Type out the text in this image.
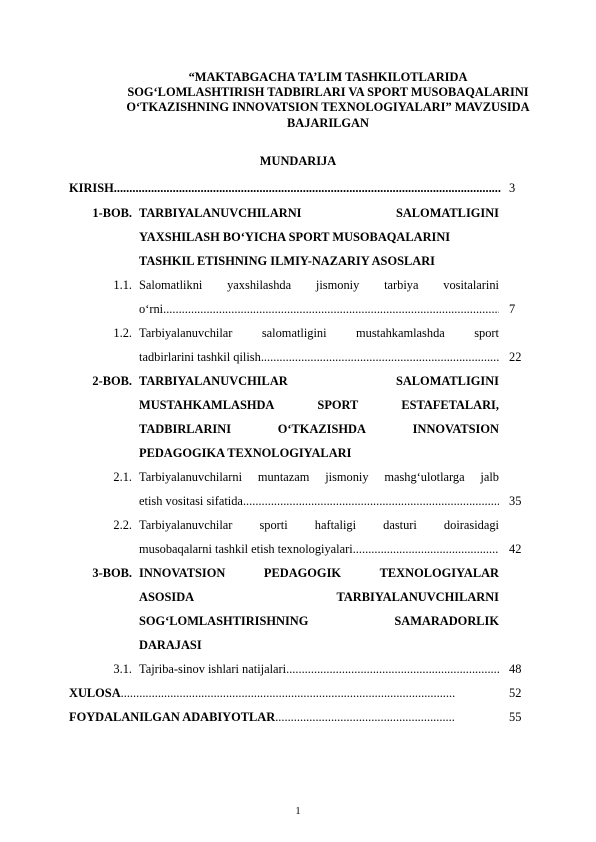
“MAKTABGACHA TA’LIM TASHKILOTLARIDA
SOG‘LOMLASHTIRISH TADBIRLARI VA SPORT MUSOBAQALARINI
O‘TKAZISHNING INNOVATSION TEXNOLOGIYALARI” MAVZUSIDA
BAJARILGAN
MUNDARIJA
KIRISH .....	3
1-BOB. TARBIYALANUVCHILARNI	SALOMATLIGINI
YAXSHILASH BO‘YICHA SPORT MUSOBAQALARINI
TASHKIL ETISHNING ILMIY-NAZARIY ASOSLARI
1.1. Salomatlikni yaxshilashda jismoniy tarbiya vositalarini
o‘rni .....	7
1.2. Tarbiyalanuvchilar salomatligini mustahkamlashda sport
tadbirlarini tashkil qilish .....	22
2-BOB. TARBIYALANUVCHILAR	SALOMATLIGINI
MUSTAHKAMLASHDA	SPORT	ESTAFETALARI,
TADBIRLARINI	O‘TKAZISHDA	INNOVATSION
PEDAGOGIKA TEXNOLOGIYALARI
2.1. Tarbiyalanuvchilarni muntazam jismoniy mashg‘ulotlarga jalb
etish vositasi sifatida .....	35
2.2. Tarbiyalanuvchilar sporti haftaligi dasturi doirasidagi
musobaqalarni tashkil etish texnologiyalari .....	42
3-BOB. INNOVATSION	PEDAGOGIK	TEXNOLOGIYALAR
ASOSIDA	TARBIYALANUVCHILARNI
SOG‘LOMLASHTIRISHNING	SAMARADORLIK
DARAJASI
3.1. Tajriba-sinov ishlari natijalari .....	48
XULOSA .....	52
FOYDALANILGAN ADABIYOTLAR .....	55
1
